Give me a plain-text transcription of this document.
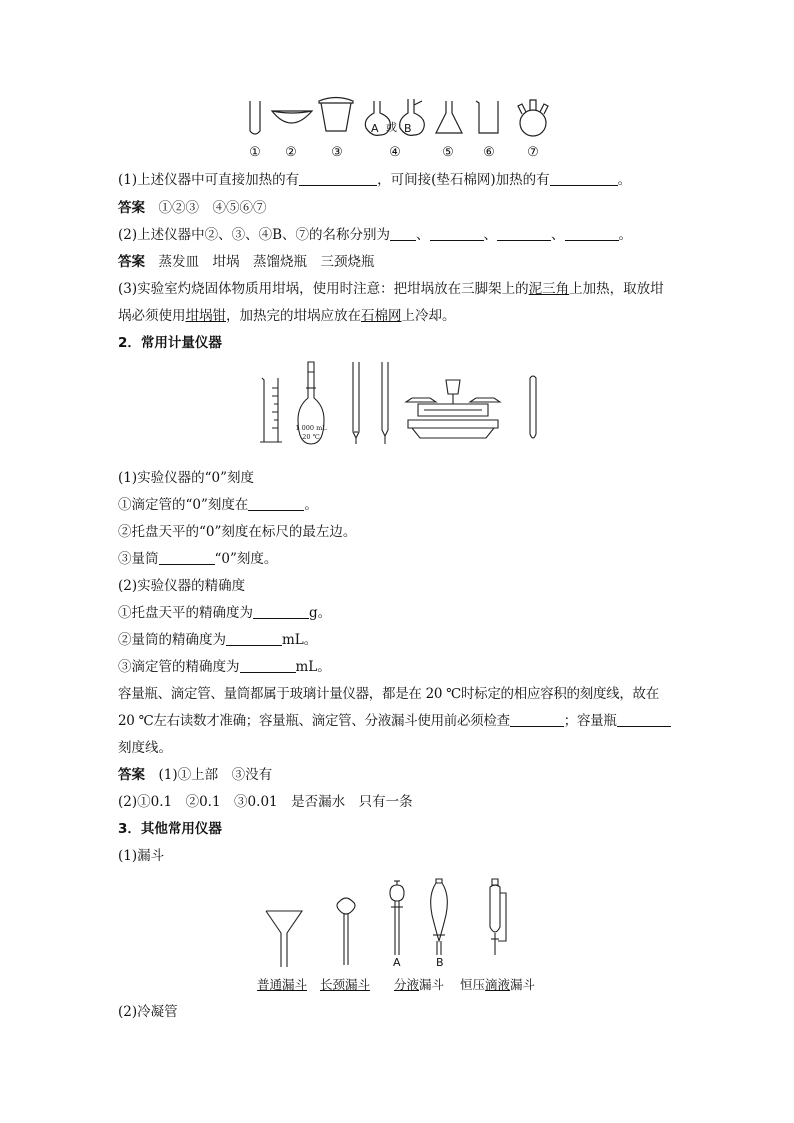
A 或 B
①	②	③	④	⑤	⑥	⑦
(1)上述仪器中可直接加热的有	，可间接(垫石棉网)加热的有	。
答案　 ①②③　 ④⑤⑥⑦
(2)上述仪器中②、③、④B、⑦的名称分别为 、	、	、	。
答案　 蒸发皿　坩埚　蒸馏烧瓶　三颈烧瓶
(3)实验室灼烧固体物质用坩埚，使用时注意：把坩埚放在三脚架上的泥三角上加热，取放坩
埚必须使用坩埚钳，加热完的坩埚应放在石棉网上冷却。
2．常用计量仪器
1 000 mL
20 ℃
(1)实验仪器的“0”刻度
①滴定管的“0”刻度在	。
②托盘天平的“0”刻度在标尺的最左边。
③量筒	“0”刻度。
(2)实验仪器的精确度
①托盘天平的精确度为	g。
②量筒的精确度为	mL。
③滴定管的精确度为	mL。
容量瓶、滴定管、量筒都属于玻璃计量仪器，都是在 20 ℃时标定的相应容积的刻度线，故在
20 ℃左右读数才准确；容量瓶、滴定管、分液漏斗使用前必须检查	；容量瓶
刻度线。
答案　 (1)①上部　③没有
(2)①0.1　②0.1　③0.01　是否漏水　只有一条
3．其他常用仪器
(1)漏斗
A	B
普通漏斗 长颈漏斗 分液漏斗 恒压滴液漏斗
(2)冷凝管
